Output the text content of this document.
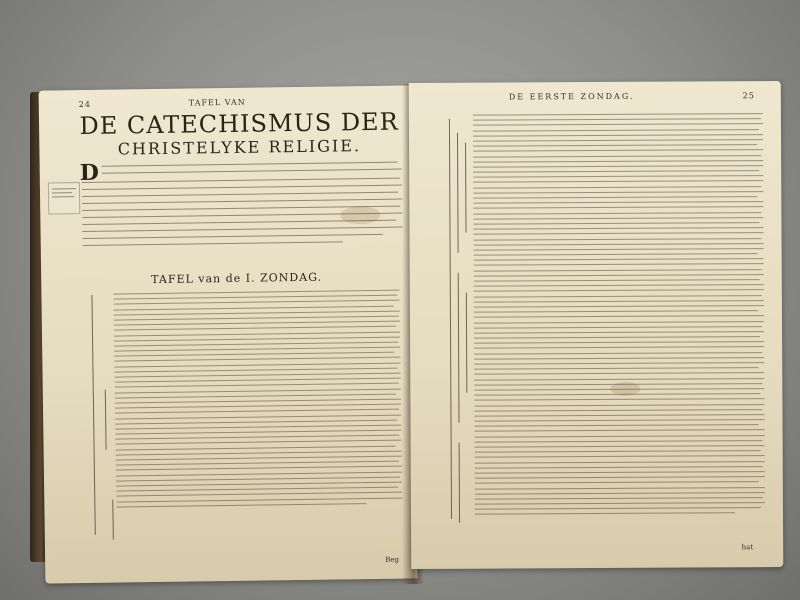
24	TAFEL VAN
DE CATECHISMUS DER
CHRISTELYKE RELIGIE.
D
TAFEL van de I. ZONDAG.
Beg
DE EERSTE ZONDAG.	25
hat
